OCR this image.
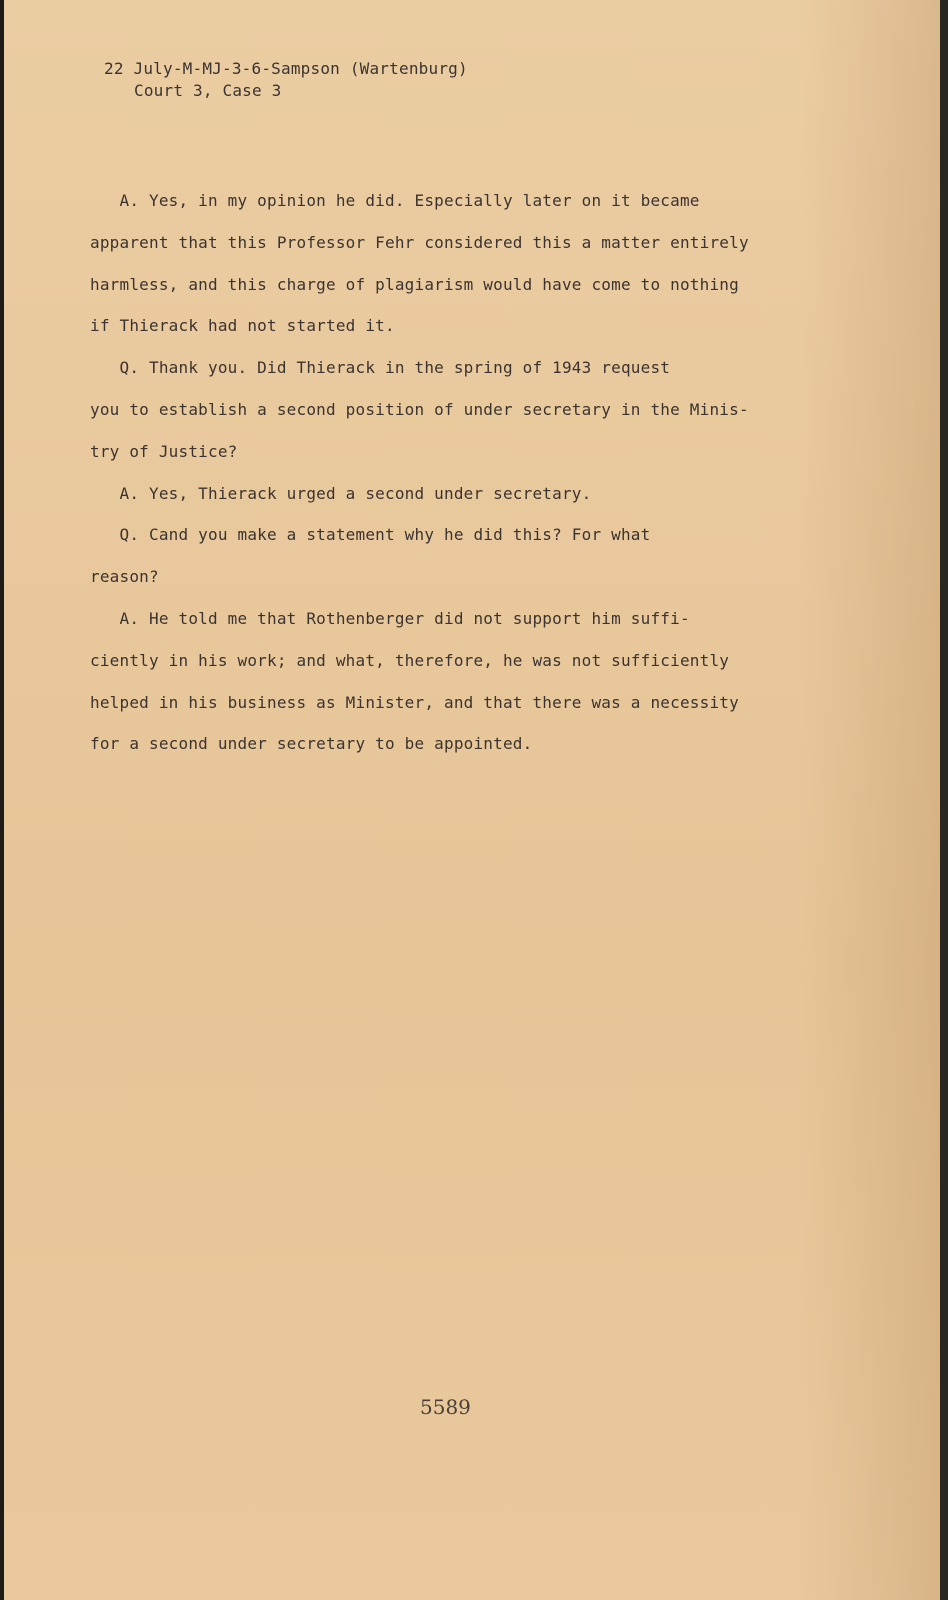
22 July-M-MJ-3-6-Sampson (Wartenburg)
Court 3, Case 3
A. Yes, in my opinion he did. Especially later on it became
apparent that this Professor Fehr considered this a matter entirely
harmless, and this charge of plagiarism would have come to nothing
if Thierack had not started it.
Q. Thank you. Did Thierack in the spring of 1943 request
you to establish a second position of under secretary in the Minis-
try of Justice?
A. Yes, Thierack urged a second under secretary.
Q. Cand you make a statement why he did this? For what
reason?
A. He told me that Rothenberger did not support him suffi-
ciently in his work; and what, therefore, he was not sufficiently
helped in his business as Minister, and that there was a necessity
for a second under secretary to be appointed.
5589
